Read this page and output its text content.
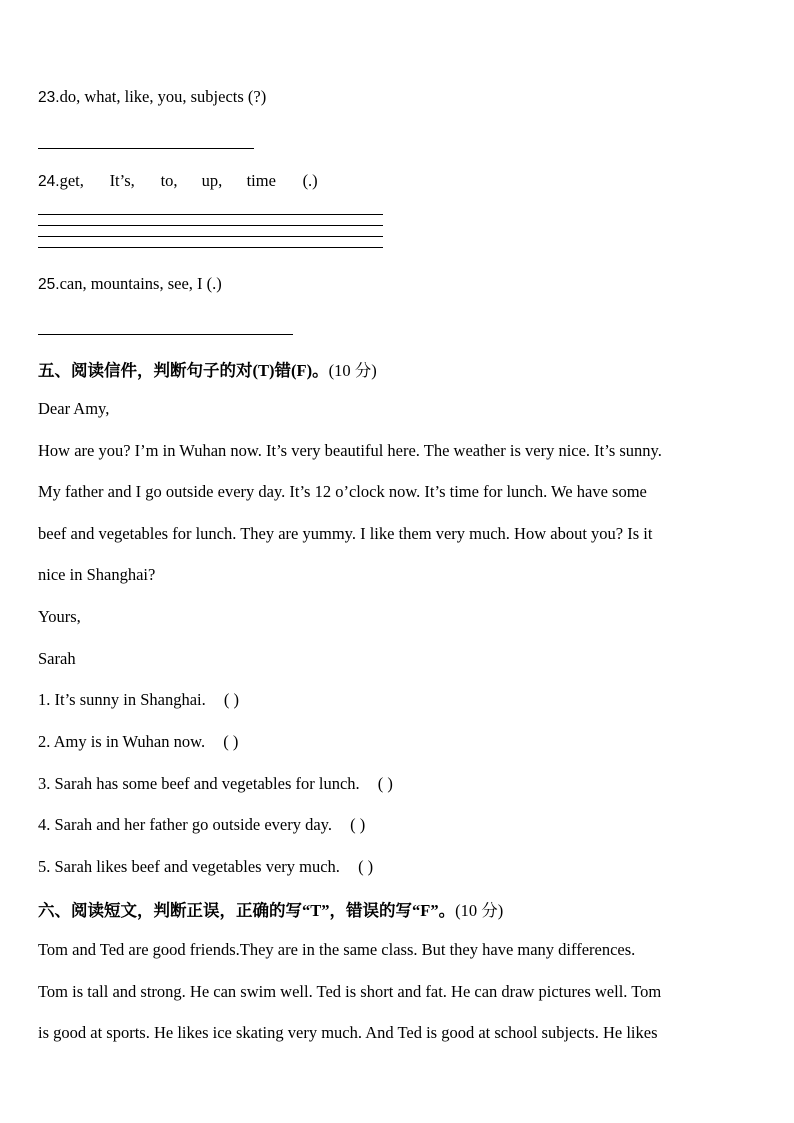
23.do, what, like, you, subjects (?)
24.get, It’s, to, up, time (.)
25.can, mountains, see, I (.)
五、阅读信件，判断句子的对(T)错(F)。(10 分)
Dear Amy,
How are you? I’m in Wuhan now. It’s very beautiful here. The weather is very nice. It’s sunny.
My father and I go outside every day. It’s 12 o’clock now. It’s time for lunch. We have some
beef and vegetables for lunch. They are yummy. I like them very much. How about you? Is it
nice in Shanghai?
Yours,
Sarah
1. It’s sunny in Shanghai. ( )
2. Amy is in Wuhan now. ( )
3. Sarah has some beef and vegetables for lunch. ( )
4. Sarah and her father go outside every day. ( )
5. Sarah likes beef and vegetables very much. ( )
六、阅读短文，判断正误，正确的写“T”，错误的写“F”。(10 分)
Tom and Ted are good friends.They are in the same class. But they have many differences.
Tom is tall and strong. He can swim well. Ted is short and fat. He can draw pictures well. Tom
is good at sports. He likes ice skating very much. And Ted is good at school subjects. He likes
